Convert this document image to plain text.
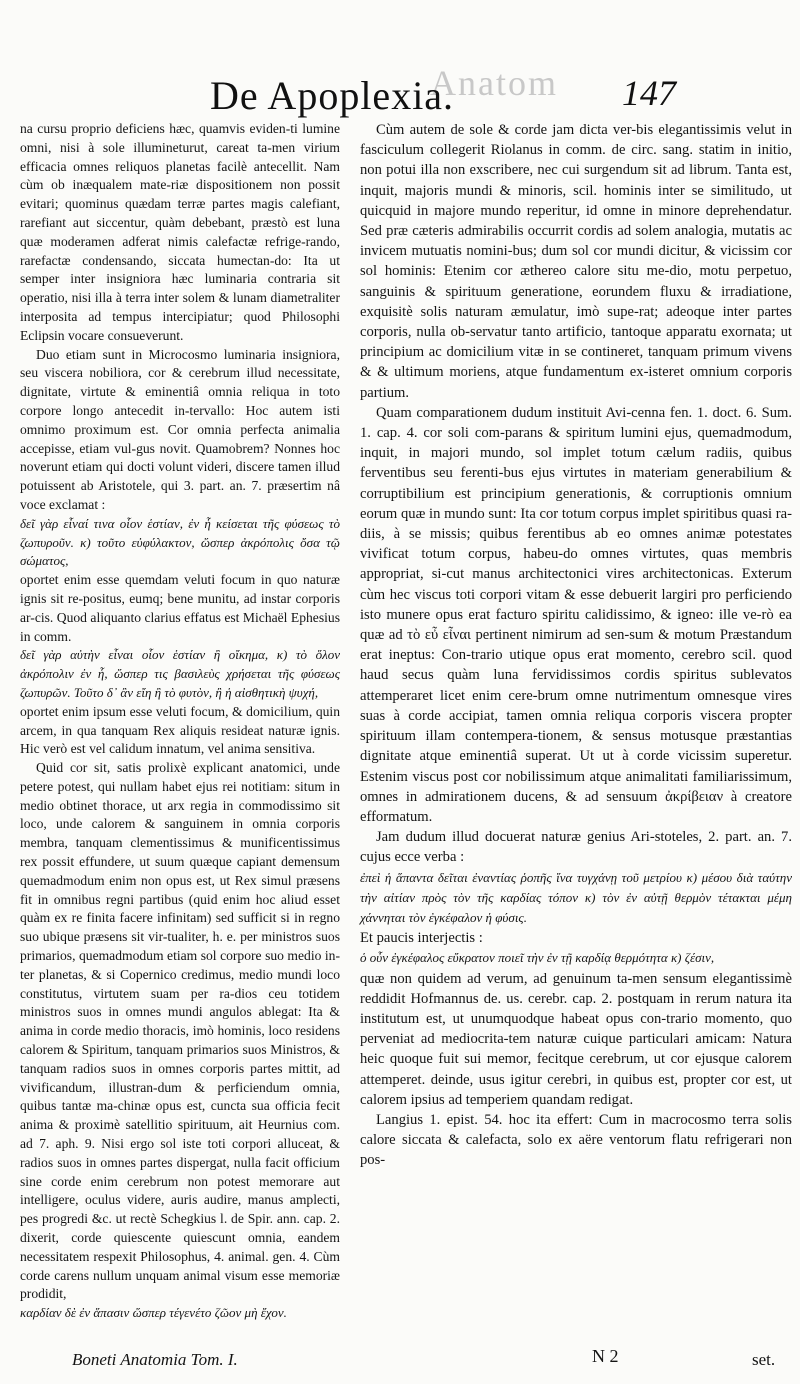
Anatom
De Apoplexia.	147

na cursu proprio deficiens hæc, quamvis eviden-ti lumine omni, nisi à sole illumineturut, careat ta-men virium efficacia omnes reliquos planetas facilè antecellit. Nam cùm ob inæqualem mate-riæ dispositionem non possit evitari; quominus quædam terræ partes magis calefiant, rarefiant aut siccentur, quàm debebant, præstò est luna quæ moderamen adferat nimis calefactæ refrige-rando, rarefactæ condensando, siccata humectan-do: Ita ut semper inter insigniora hæc luminaria contraria sit operatio, nisi illa à terra inter solem & lunam diametraliter interposita ad tempus intercipiatur; quod Philosophi Eclipsin vocare consueverunt.

Duo etiam sunt in Microcosmo luminaria insigniora, seu viscera nobiliora, cor & cerebrum illud necessitate, dignitate, virtute & eminentiâ omnia reliqua in toto corpore longo antecedit in-tervallo: Hoc autem isti omnimo proximum est. Cor omnia perfecta animalia accepisse, etiam vul-gus novit. Quamobrem? Nonnes hoc noverunt etiam qui docti volunt videri, discere tamen illud potuissent ab Aristotele, qui 3. part. an. 7. præsertim nâ voce exclamat :

δεῖ γὰρ εἶναί τινα οἷον ἑστίαν, ἐν ἧ κείσεται τῆς φύσεως τὸ ζωπυροῦν. κ) τοῦτο εὐφύλακτον, ὥσπερ ἀκρόπολις ὄσα τῷ σώματος,

oportet enim esse quemdam veluti focum in quo naturæ ignis sit re-positus, eumq; bene munitu, ad instar corporis ar-cis. Quod aliquanto clarius effatus est Michaël Ephesius in comm.

δεῖ γὰρ αὐτὴν εἶναι οἷον ἑστίαν ἢ οἴκημα, κ) τὸ ὅλον ἀκρόπολιν ἐν ἧ, ὥσπερ τις βασιλεὺς χρήσεται τῆς φύσεως ζωπυρῶν. Τοῦτο δ᾽ ἂν εἴη ἢ τὸ φυτὸν, ἢ ἡ αἰσθητικὴ ψυχή,

oportet enim ipsum esse veluti focum, & domicilium, quin arcem, in qua tanquam Rex aliquis resideat naturæ ignis. Hic verò est vel calidum innatum, vel anima sensitiva.

Quid cor sit, satis prolixè explicant anatomici, unde petere potest, qui nullam habet ejus rei notitiam: situm in medio obtinet thorace, ut arx regia in commodissimo sit loco, unde calorem & sanguinem in omnia corporis membra, tanquam clementissimus & munificentissimus rex possit effundere, ut suum quæque capiant demensum quemadmodum enim non opus est, ut Rex simul præsens fit in omnibus regni partibus (quid enim hoc aliud esset quàm ex re finita facere infinitam) sed sufficit si in regno suo ubique præsens sit vir-tualiter, h. e. per ministros suos primarios, quemadmodum etiam sol corpore suo medio in-ter planetas, & si Copernico credimus, medio mundi loco constitutus, virtutem suam per ra-dios ceu totidem ministros suos in omnes mundi angulos ablegat: Ita & anima in corde medio thoracis, imò hominis, loco residens calorem & Spiritum, tanquam primarios suos Ministros, & tanquam radios suos in omnes corporis partes mittit, ad vivificandum, illustran-dum & perficiendum omnia, quibus tantæ ma-chinæ opus est, cuncta sua officia fecit anima & proximè satellitio spirituum, ait Heurnius com. ad 7. aph. 9. Nisi ergo sol iste toti corpori alluceat, & radios suos in omnes partes dispergat, nulla facit officium sine corde enim cerebrum non potest memorare aut intelligere, oculus videre, auris audire, manus amplecti, pes progredi &c. ut rectè Schegkius l. de Spir. ann. cap. 2. dixerit, corde quiescente quiescunt omnia, eandem necessitatem respexit Philosophus, 4. animal. gen. 4. Cùm corde carens nullum unquam animal visum esse memoriæ prodidit,

καρδίαν δὲ ἐν ἅπασιν ὥσπερ τέγενέτο ζῶον μὴ ἔχον.

Cùm autem de sole & corde jam dicta ver-bis elegantissimis velut in fasciculum collegerit Riolanus in comm. de circ. sang. statim in initio, non potui illa non exscribere, nec cui surgendum sit ad librum. Tanta est, inquit, majoris mundi & minoris, scil. hominis inter se similitudo, ut quicquid in majore mundo reperitur, id omne in minore deprehendatur. Sed præ cæteris admirabilis occurrit cordis ad solem analogia, mutatis ac invicem mutuatis nomini-bus; dum sol cor mundi dicitur, & vicissim cor sol hominis: Etenim cor æthereo calore situ me-dio, motu perpetuo, sanguinis & spirituum generatione, eorundem fluxu & irradiatione, exquisitè solis naturam æmulatur, imò supe-rat; adeoque inter partes corporis, nulla ob-servatur tanto artificio, tantoque apparatu exornata; ut principium ac domicilium vitæ in se contineret, tanquam primum vivens & & ultimum moriens, atque fundamentum ex-isteret omnium corporis partium.

Quam comparationem dudum instituit Avi-cenna fen. 1. doct. 6. Sum. 1. cap. 4. cor soli com-parans & spiritum lumini ejus, quemadmodum, inquit, in majori mundo, sol implet totum cælum radiis, quibus ferventibus seu ferenti-bus ejus virtutes in materiam generabilium & corruptibilium est principium generationis, & corruptionis omnium eorum quæ in mundo sunt: Ita cor totum corpus implet spiritibus quasi ra-diis, à se missis; quibus ferentibus ab eo omnes animæ potestates vivificat totum corpus, habeu-do omnes virtutes, quas membris appropriat, si-cut manus architectonici vires architectonicas. Exterum cùm hec viscus toti corpori vitam & esse debuerit largiri pro perficiendo isto munere opus erat facturo spiritu calidissimo, & igneo: ille ve-rò ea quæ ad τὸ εὖ εἶναι pertinent nimirum ad sen-sum & motum Præstandum erat ineptus: Con-trario utique opus erat momento, cerebro scil. quod haud secus quàm luna fervidissimos cordis spiritus sublevatos attemperaret licet enim cere-brum omne nutrimentum omnesque vires suas à corde accipiat, tamen omnia reliqua corporis viscera propter spirituum illam contempera-tionem, & sensus motusque præstantias dignitate atque eminentiâ superat. Ut ut à corde vicissim superetur. Estenim viscus post cor nobilissimum atque animalitati familiarissimum, omnes in admirationem ducens, & ad sensuum ἀκρίβειαν à creatore efformatum.

Jam dudum illud docuerat naturæ genius Ari-stoteles, 2. part. an. 7. cujus ecce verba :

ἐπεὶ ἡ ἅπαντα δεῖται ἐναντίας ῥοπῆς ἵνα τυγχάνῃ τοῦ μετρίου κ) μέσου διὰ ταύτην τὴν αἰτίαν πρὸς τὸν τῆς καρδίας τόπον κ) τὸν ἐν αὐτῇ θερμὸν τέτακται μέμη χάννηται τὸν ἐγκέφαλον ἡ φύσις.

Et paucis interjectis :

ὁ οὖν ἐγκέφαλος εὔκρατον ποιεῖ τὴν ἐν τῇ καρδίᾳ θερμότητα κ) ζέσιν,

quæ non quidem ad verum, ad genuinum ta-men sensum elegantissimè reddidit Hofmannus de. us. cerebr. cap. 2. postquam in rerum natura ita institutum est, ut unumquodque habeat opus con-trario momento, quo perveniat ad mediocrita-tem naturæ cuique particulari amicam: Natura heic quoque fuit sui memor, fecitque cerebrum, ut cor ejusque calorem attemperet. deinde, usus igitur cerebri, in quibus est, propter cor est, ut calorem ipsius ad temperiem quandam redigat.

Langius 1. epist. 54. hoc ita effert: Cum in macrocosmo terra solis calore siccata & calefacta, solo ex aëre ventorum flatu refrigerari non pos-

Boneti Anatomia Tom. I.	N 2	set.
